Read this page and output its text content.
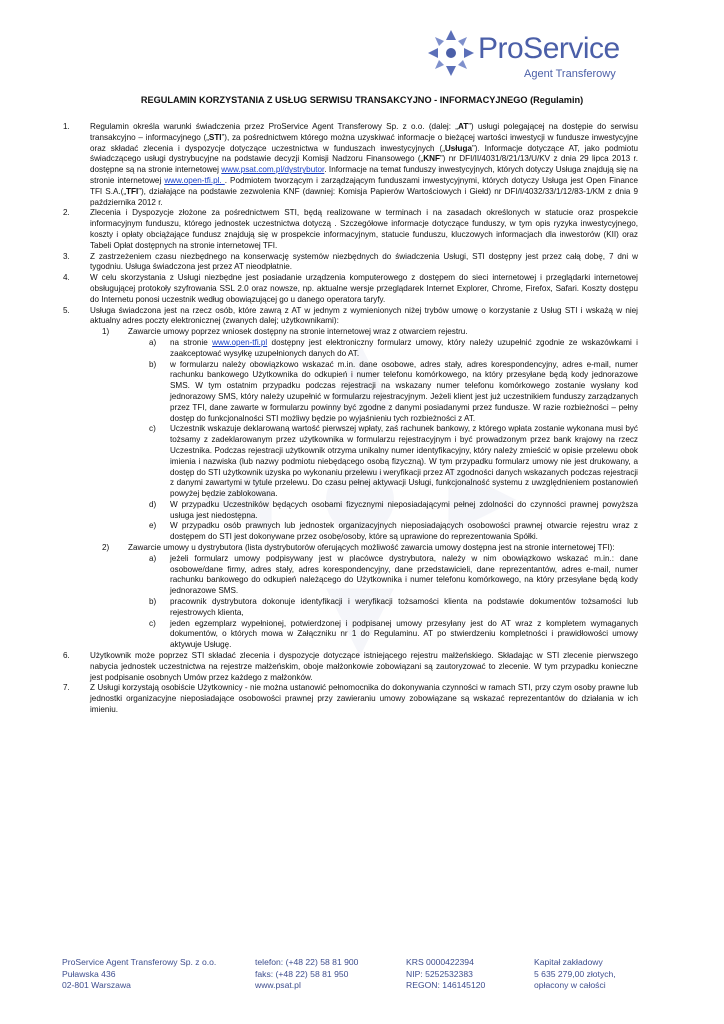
ProService
Agent Transferowy
REGULAMIN KORZYSTANIA Z USŁUG SERWISU TRANSAKCYJNO - INFORMACYJNEGO (Regulamin)
1. Regulamin określa warunki świadczenia przez ProService Agent Transferowy Sp. z o.o. (dalej: „AT”) usługi polegającej na dostępie do serwisu transakcyjno – informacyjnego („STI”), za pośrednictwem którego można uzyskiwać informacje o bieżącej wartości inwestycji w fundusze inwestycyjne oraz składać zlecenia i dyspozycje dotyczące uczestnictwa w funduszach inwestycyjnych („Usługa”). Informacje dotyczące AT, jako podmiotu świadczącego usługi dystrybucyjne na podstawie decyzji Komisji Nadzoru Finansowego („KNF”) nr DFI/II/4031/8/21/13/U/KV z dnia 29 lipca 2013 r. dostępne są na stronie internetowej www.psat.com.pl/dystrybutor. Informacje na temat funduszy inwestycyjnych, których dotyczy Usługa znajdują się na stronie internetowej www.open-tfi.pl. . Podmiotem tworzącym i zarządzającym funduszami inwestycyjnymi, których dotyczy Usługa jest Open Finance TFI S.A.(„TFI”), działające na podstawie zezwolenia KNF (dawniej: Komisja Papierów Wartościowych i Giełd) nr DFI/I/4032/33/1/12/83-1/KM z dnia 9 października 2012 r.
2. Zlecenia i Dyspozycje złożone za pośrednictwem STI, będą realizowane w terminach i na zasadach określonych w statucie oraz prospekcie informacyjnym funduszu, którego jednostek uczestnictwa dotyczą . Szczegółowe informacje dotyczące funduszy, w tym opis ryzyka inwestycyjnego, koszty i opłaty obciążające fundusz znajdują się w prospekcie informacyjnym, statucie funduszu, kluczowych informacjach dla inwestorów (KII) oraz Tabeli Opłat dostępnych na stronie internetowej TFI.
3. Z zastrzeżeniem czasu niezbędnego na konserwację systemów niezbędnych do świadczenia Usługi, STI dostępny jest przez całą dobę, 7 dni w tygodniu. Usługa świadczona jest przez AT nieodpłatnie.
4. W celu skorzystania z Usługi niezbędne jest posiadanie urządzenia komputerowego z dostępem do sieci internetowej i przeglądarki internetowej obsługującej protokoły szyfrowania SSL 2.0 oraz nowsze, np. aktualne wersje przeglądarek Internet Explorer, Chrome, Firefox, Safari. Koszty dostępu do Internetu ponosi uczestnik według obowiązującej go u danego operatora taryfy.
5. Usługa świadczona jest na rzecz osób, które zawrą z AT w jednym z wymienionych niżej trybów umowę o korzystanie z Usług STI i wskażą w niej aktualny adres poczty elektronicznej (zwanych dalej; użytkownikami):
1) Zawarcie umowy poprzez wniosek dostępny na stronie internetowej wraz z otwarciem rejestru.
a) na stronie www.open-tfi.pl dostępny jest elektroniczny formularz umowy, który należy uzupełnić zgodnie ze wskazówkami i zaakceptować wysyłkę uzupełnionych danych do AT.
b) w formularzu należy obowiązkowo wskazać m.in. dane osobowe, adres stały, adres korespondencyjny, adres e-mail, numer rachunku bankowego Użytkownika do odkupień i numer telefonu komórkowego, na który przesyłane będą kody jednorazowe SMS. W tym ostatnim przypadku podczas rejestracji na wskazany numer telefonu komórkowego zostanie wysłany kod jednorazowy SMS, który należy uzupełnić w formularzu rejestracyjnym. Jeżeli klient jest już uczestnikiem funduszy zarządzanych przez TFI, dane zawarte w formularzu powinny być zgodne z danymi posiadanymi przez fundusze. W razie rozbieżności – pełny dostęp do funkcjonalności STI możliwy będzie po wyjaśnieniu tych rozbieżności z AT.
c) Uczestnik wskazuje deklarowaną wartość pierwszej wpłaty, zaś rachunek bankowy, z którego wpłata zostanie wykonana musi być tożsamy z zadeklarowanym przez użytkownika w formularzu rejestracyjnym i być prowadzonym przez bank krajowy na rzecz Uczestnika. Podczas rejestracji użytkownik otrzyma unikalny numer identyfikacyjny, który należy zmieścić w opisie przelewu obok imienia i nazwiska (lub nazwy podmiotu niebędącego osobą fizyczną). W tym przypadku formularz umowy nie jest drukowany, a dostęp do STI użytkownik uzyska po wykonaniu przelewu i weryfikacji przez AT zgodności danych wskazanych podczas rejestracji z danymi zawartymi w tytule przelewu. Do czasu pełnej aktywacji Usługi, funkcjonalność systemu z uwzględnieniem postanowień powyżej będzie zablokowana.
d) W przypadku Uczestników będących osobami fizycznymi nieposiadającymi pełnej zdolności do czynności prawnej powyższa usługa jest niedostępna.
e) W przypadku osób prawnych lub jednostek organizacyjnych nieposiadających osobowości prawnej otwarcie rejestru wraz z dostępem do STI jest dokonywane przez osobę/osoby, które są uprawione do reprezentowania Spółki.
2) Zawarcie umowy u dystrybutora (lista dystrybutorów oferujących możliwość zawarcia umowy dostępna jest na stronie internetowej TFI):
a) jeżeli formularz umowy podpisywany jest w placówce dystrybutora, należy w nim obowiązkowo wskazać m.in.: dane osobowe/dane firmy, adres stały, adres korespondencyjny, dane przedstawicieli, dane reprezentantów, adres e-mail, numer rachunku bankowego do odkupień należącego do Użytkownika i numer telefonu komórkowego, na który przesyłane będą kody jednorazowe SMS.
b) pracownik dystrybutora dokonuje identyfikacji i weryfikacji tożsamości klienta na podstawie dokumentów tożsamości lub rejestrowych klienta,
c) jeden egzemplarz wypełnionej, potwierdzonej i podpisanej umowy przesyłany jest do AT wraz z kompletem wymaganych dokumentów, o których mowa w Załączniku nr 1 do Regulaminu. AT po stwierdzeniu kompletności i prawidłowości umowy aktywuje Usługę.
6. Użytkownik może poprzez STI składać zlecenia i dyspozycje dotyczące istniejącego rejestru małżeńskiego. Składając w STI zlecenie pierwszego nabycia jednostek uczestnictwa na rejestrze małżeńskim, oboje małżonkowie zobowiązani są zautoryzować to zlecenie. W tym przypadku konieczne jest podpisanie osobnych Umów przez każdego z małżonków.
7. Z Usługi korzystają osobiście Użytkownicy - nie można ustanowić pełnomocnika do dokonywania czynności w ramach STI, przy czym osoby prawne lub jednostki organizacyjne nieposiadające osobowości prawnej przy zawieraniu umowy zobowiązane są wskazać reprezentantów do działania w ich imieniu.
ProService Agent Transferowy Sp. z o.o.
Puławska 436
02-801 Warszawa
telefon: (+48 22) 58 81 900
faks: (+48 22) 58 81 950
www.psat.pl
KRS 0000422394
NIP: 5252532383
REGON: 146145120
Kapitał zakładowy
5 635 279,00 złotych,
opłacony w całości
